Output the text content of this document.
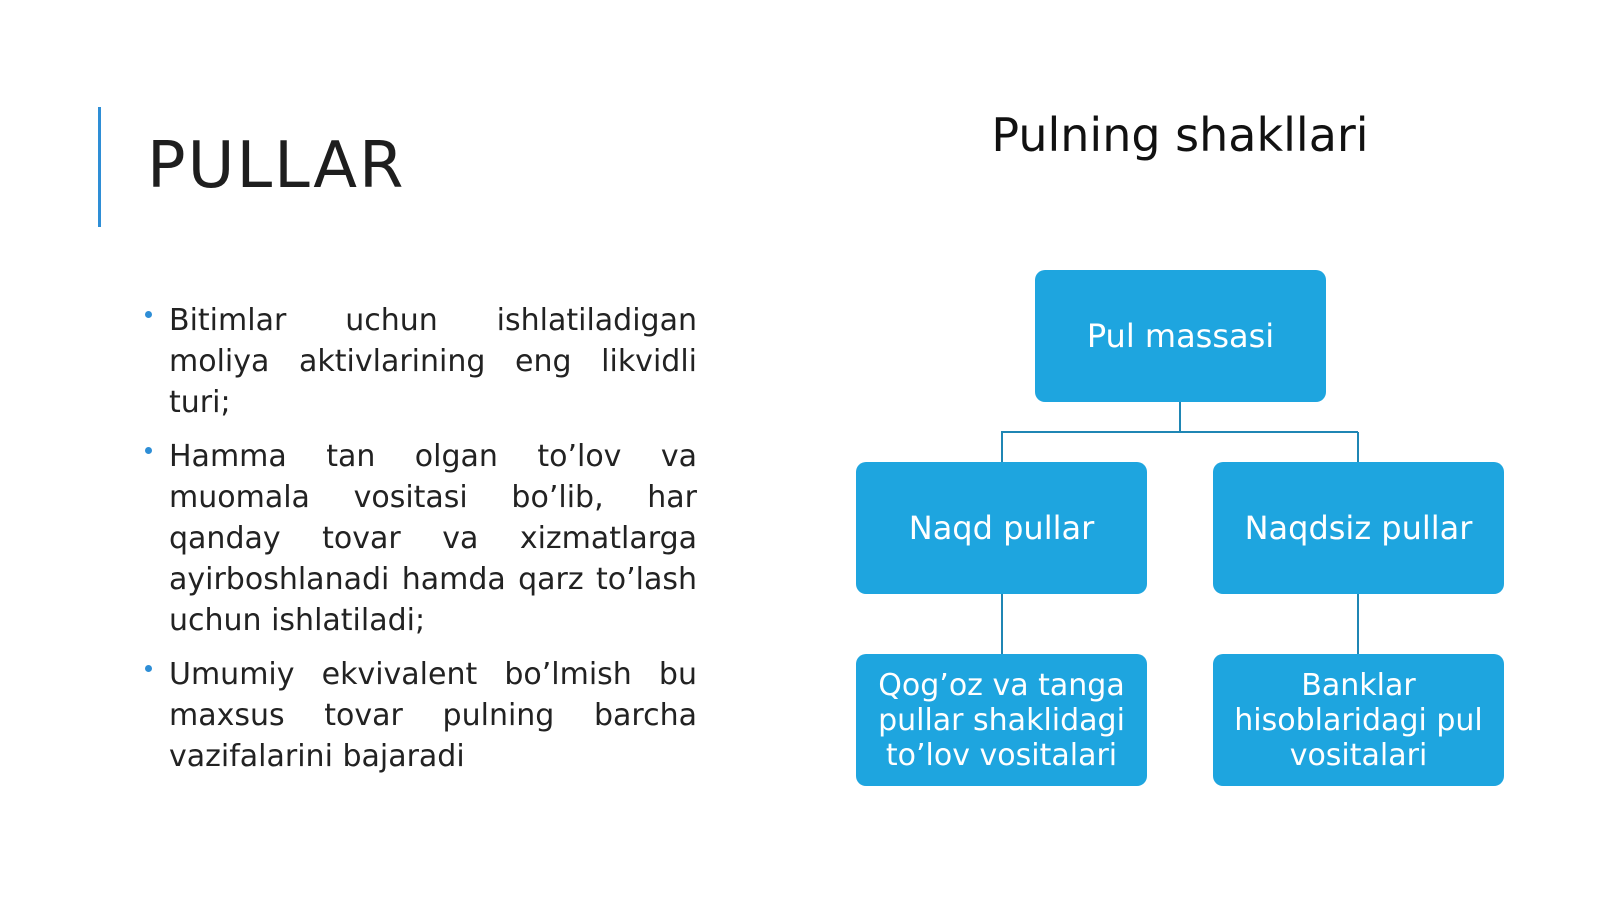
PULLAR
Bitimlar uchun ishlatiladigan moliya aktivlarining eng likvidli turi;
Hamma tan olgan to’lov va muomala vositasi bo’lib, har qanday tovar va xizmatlarga ayirboshlanadi hamda qarz to’lash uchun ishlatiladi;
Umumiy ekvivalent bo’lmish bu maxsus tovar pulning barcha vazifalarini bajaradi
Pulning shakllari
Pul massasi
Naqd pullar	Naqdsiz pullar
Qog’oz va tanga pullar shaklidagi to’lov vositalari
Banklar hisoblaridagi pul vositalari
